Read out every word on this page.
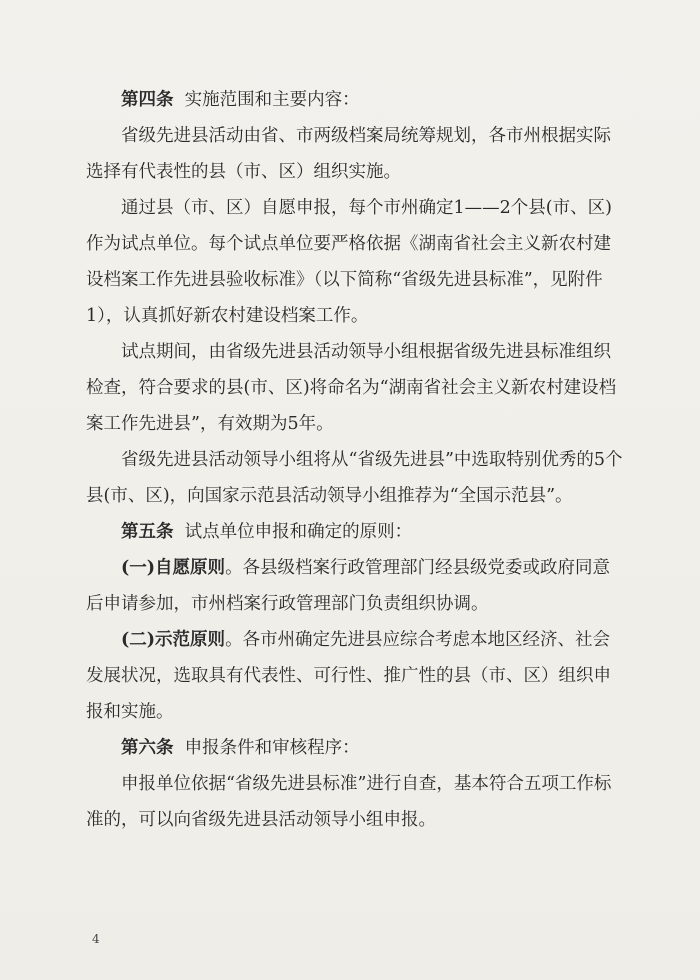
第四条 实施范围和主要内容：

省级先进县活动由省、市两级档案局统筹规划，各市州根据实际选择有代表性的县（市、区）组织实施。

通过县（市、区）自愿申报，每个市州确定1——2个县(市、区)作为试点单位。每个试点单位要严格依据《湖南省社会主义新农村建设档案工作先进县验收标准》（以下简称“省级先进县标准”，见附件1），认真抓好新农村建设档案工作。

试点期间，由省级先进县活动领导小组根据省级先进县标准组织检查，符合要求的县(市、区)将命名为“湖南省社会主义新农村建设档案工作先进县”，有效期为5年。

省级先进县活动领导小组将从“省级先进县”中选取特别优秀的5个县(市、区)，向国家示范县活动领导小组推荐为“全国示范县”。

第五条 试点单位申报和确定的原则：

(一)自愿原则。各县级档案行政管理部门经县级党委或政府同意后申请参加，市州档案行政管理部门负责组织协调。

(二)示范原则。各市州确定先进县应综合考虑本地区经济、社会发展状况，选取具有代表性、可行性、推广性的县（市、区）组织申报和实施。

第六条 申报条件和审核程序：

申报单位依据“省级先进县标准”进行自查，基本符合五项工作标准的，可以向省级先进县活动领导小组申报。

4
